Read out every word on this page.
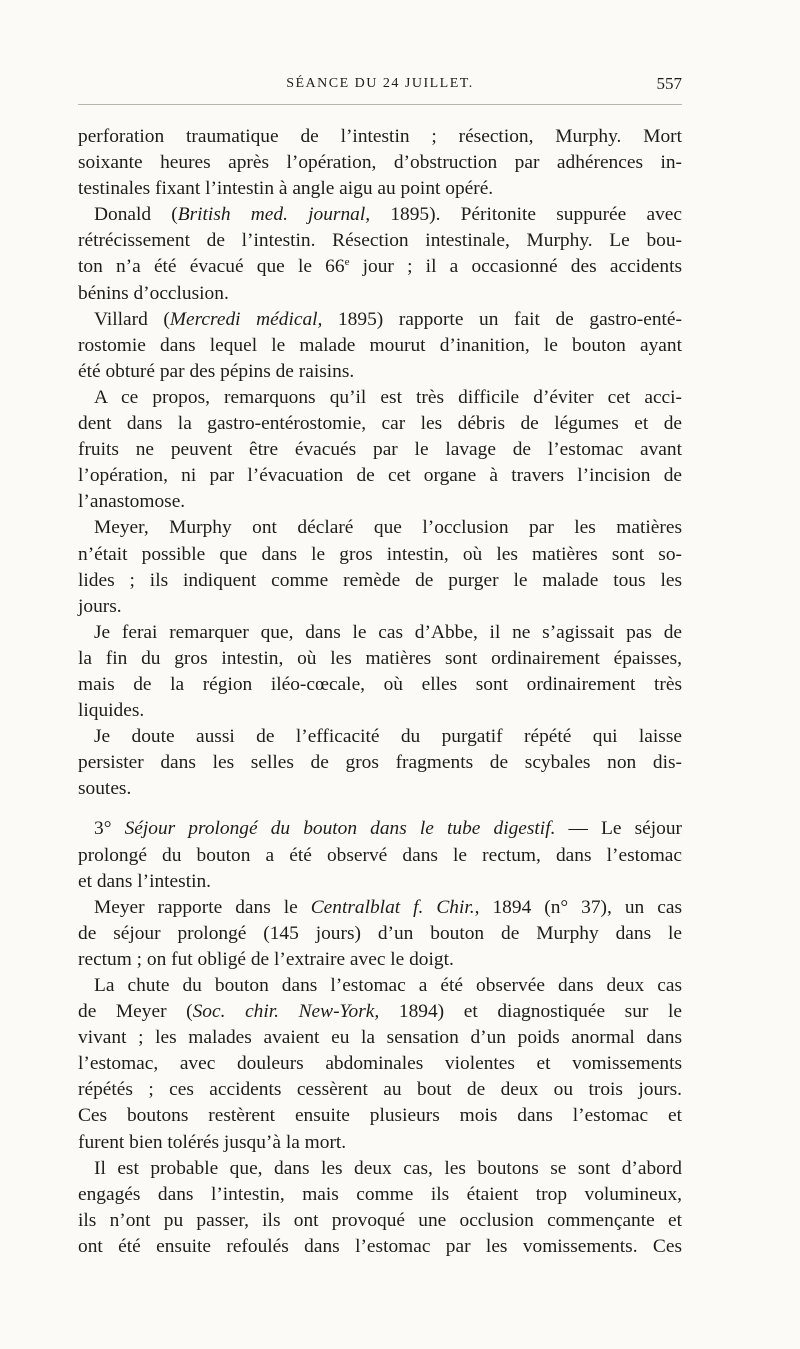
SÉANCE DU 24 JUILLET.	557
perforation traumatique de l’intestin ; résection, Murphy. Mort
soixante heures après l’opération, d’obstruction par adhérences in-
testinales fixant l’intestin à angle aigu au point opéré.
Donald (British med. journal, 1895). Péritonite suppurée avec
rétrécissement de l’intestin. Résection intestinale, Murphy. Le bou-
ton n’a été évacué que le 66e jour ; il a occasionné des accidents
bénins d’occlusion.
Villard (Mercredi médical, 1895) rapporte un fait de gastro-enté-
rostomie dans lequel le malade mourut d’inanition, le bouton ayant
été obturé par des pépins de raisins.
A ce propos, remarquons qu’il est très difficile d’éviter cet acci-
dent dans la gastro-entérostomie, car les débris de légumes et de
fruits ne peuvent être évacués par le lavage de l’estomac avant
l’opération, ni par l’évacuation de cet organe à travers l’incision de
l’anastomose.
Meyer, Murphy ont déclaré que l’occlusion par les matières
n’était possible que dans le gros intestin, où les matières sont so-
lides ; ils indiquent comme remède de purger le malade tous les
jours.
Je ferai remarquer que, dans le cas d’Abbe, il ne s’agissait pas de
la fin du gros intestin, où les matières sont ordinairement épaisses,
mais de la région iléo-cœcale, où elles sont ordinairement très
liquides.
Je doute aussi de l’efficacité du purgatif répété qui laisse
persister dans les selles de gros fragments de scybales non dis-
soutes.
3° Séjour prolongé du bouton dans le tube digestif. — Le séjour
prolongé du bouton a été observé dans le rectum, dans l’estomac
et dans l’intestin.
Meyer rapporte dans le Centralblat f. Chir., 1894 (n° 37), un cas
de séjour prolongé (145 jours) d’un bouton de Murphy dans le
rectum ; on fut obligé de l’extraire avec le doigt.
La chute du bouton dans l’estomac a été observée dans deux cas
de Meyer (Soc. chir. New-York, 1894) et diagnostiquée sur le
vivant ; les malades avaient eu la sensation d’un poids anormal dans
l’estomac, avec douleurs abdominales violentes et vomissements
répétés ; ces accidents cessèrent au bout de deux ou trois jours.
Ces boutons restèrent ensuite plusieurs mois dans l’estomac et
furent bien tolérés jusqu’à la mort.
Il est probable que, dans les deux cas, les boutons se sont d’abord
engagés dans l’intestin, mais comme ils étaient trop volumineux,
ils n’ont pu passer, ils ont provoqué une occlusion commençante et
ont été ensuite refoulés dans l’estomac par les vomissements. Ces
